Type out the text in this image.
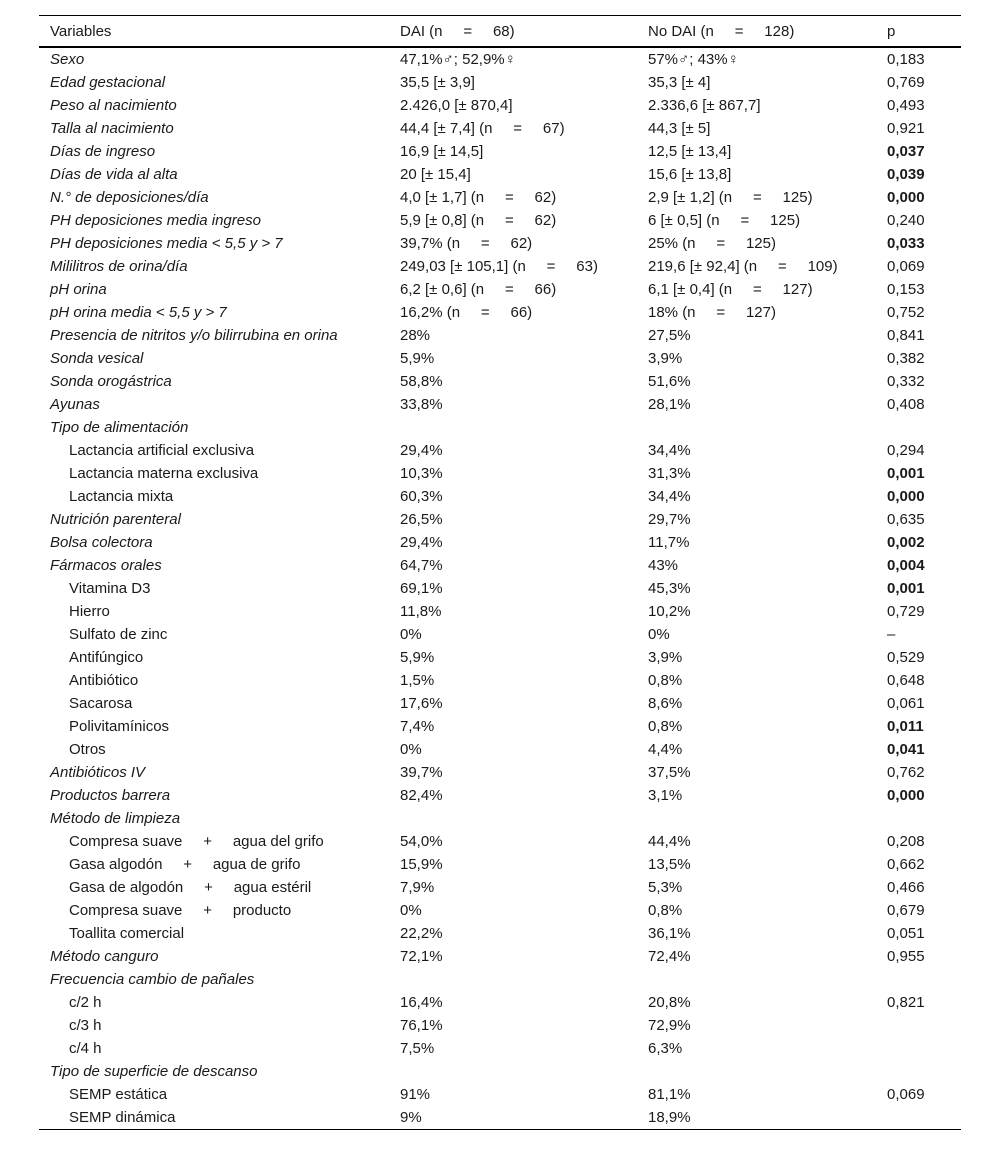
Variables	DAI (n     =     68)	No DAI (n     =     128)	p
Sexo	47,1%♂; 52,9%♀	57%♂; 43%♀	0,183
Edad gestacional	35,5 [± 3,9]	35,3 [± 4]	0,769
Peso al nacimiento	2.426,0 [± 870,4]	2.336,6 [± 867,7]	0,493
Talla al nacimiento	44,4 [± 7,4] (n     =     67)	44,3 [± 5]	0,921
Días de ingreso	16,9 [± 14,5]	12,5 [± 13,4]	0,037
Días de vida al alta	20 [± 15,4]	15,6 [± 13,8]	0,039
N.° de deposiciones/día	4,0 [± 1,7] (n     =     62)	2,9 [± 1,2] (n     =     125)	0,000
PH deposiciones media ingreso	5,9 [± 0,8] (n     =     62)	6 [± 0,5] (n     =     125)	0,240
PH deposiciones media < 5,5 y > 7	39,7% (n     =     62)	25% (n     =     125)	0,033
Mililitros de orina/día	249,03 [± 105,1] (n     =     63)	219,6 [± 92,4] (n     =     109)	0,069
pH orina	6,2 [± 0,6] (n     =     66)	6,1 [± 0,4] (n     =     127)	0,153
pH orina media < 5,5 y > 7	16,2% (n     =     66)	18% (n     =     127)	0,752
Presencia de nitritos y/o bilirrubina en orina	28%	27,5%	0,841
Sonda vesical	5,9%	3,9%	0,382
Sonda orogástrica	58,8%	51,6%	0,332
Ayunas	33,8%	28,1%	0,408
Tipo de alimentación			
Lactancia artificial exclusiva	29,4%	34,4%	0,294
Lactancia materna exclusiva	10,3%	31,3%	0,001
Lactancia mixta	60,3%	34,4%	0,000
Nutrición parenteral	26,5%	29,7%	0,635
Bolsa colectora	29,4%	11,7%	0,002
Fármacos orales	64,7%	43%	0,004
Vitamina D3	69,1%	45,3%	0,001
Hierro	11,8%	10,2%	0,729
Sulfato de zinc	0%	0%	–
Antifúngico	5,9%	3,9%	0,529
Antibiótico	1,5%	0,8%	0,648
Sacarosa	17,6%	8,6%	0,061
Polivitamínicos	7,4%	0,8%	0,011
Otros	0%	4,4%	0,041
Antibióticos IV	39,7%	37,5%	0,762
Productos barrera	82,4%	3,1%	0,000
Método de limpieza			
Compresa suave     +     agua del grifo	54,0%	44,4%	0,208
Gasa algodón     +     agua de grifo	15,9%	13,5%	0,662
Gasa de algodón     +     agua estéril	7,9%	5,3%	0,466
Compresa suave     +     producto	0%	0,8%	0,679
Toallita comercial	22,2%	36,1%	0,051
Método canguro	72,1%	72,4%	0,955
Frecuencia cambio de pañales			
c/2 h	16,4%	20,8%	0,821
c/3 h	76,1%	72,9%	
c/4 h	7,5%	6,3%	
Tipo de superficie de descanso			
SEMP estática	91%	81,1%	0,069
SEMP dinámica	9%	18,9%	
